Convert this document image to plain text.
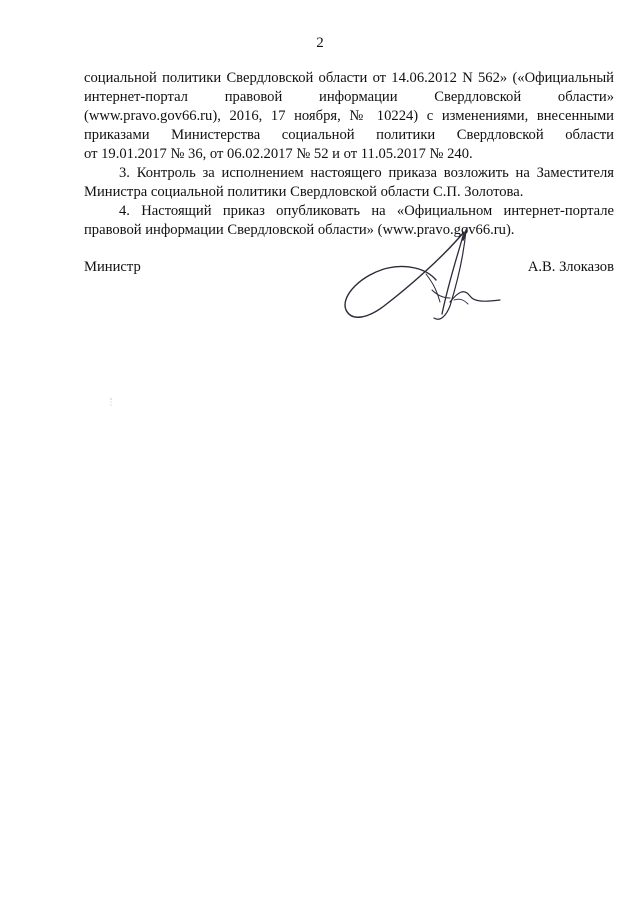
2

социальной политики Свердловской области от 14.06.2012 N 562» («Официальный
интернет-портал правовой информации Свердловской области»
(www.pravo.gov66.ru), 2016, 17 ноября, № 10224) с изменениями, внесенными
приказами Министерства социальной политики Свердловской области
от 19.01.2017 № 36, от 06.02.2017 № 52 и от 11.05.2017 № 240.

3. Контроль за исполнением настоящего приказа возложить на Заместителя
Министра социальной политики Свердловской области С.П. Золотова.

4. Настоящий приказ опубликовать на «Официальном интернет-портале
правовой информации Свердловской области» (www.pravo.gov66.ru).

Министр	А.В. Злоказов
